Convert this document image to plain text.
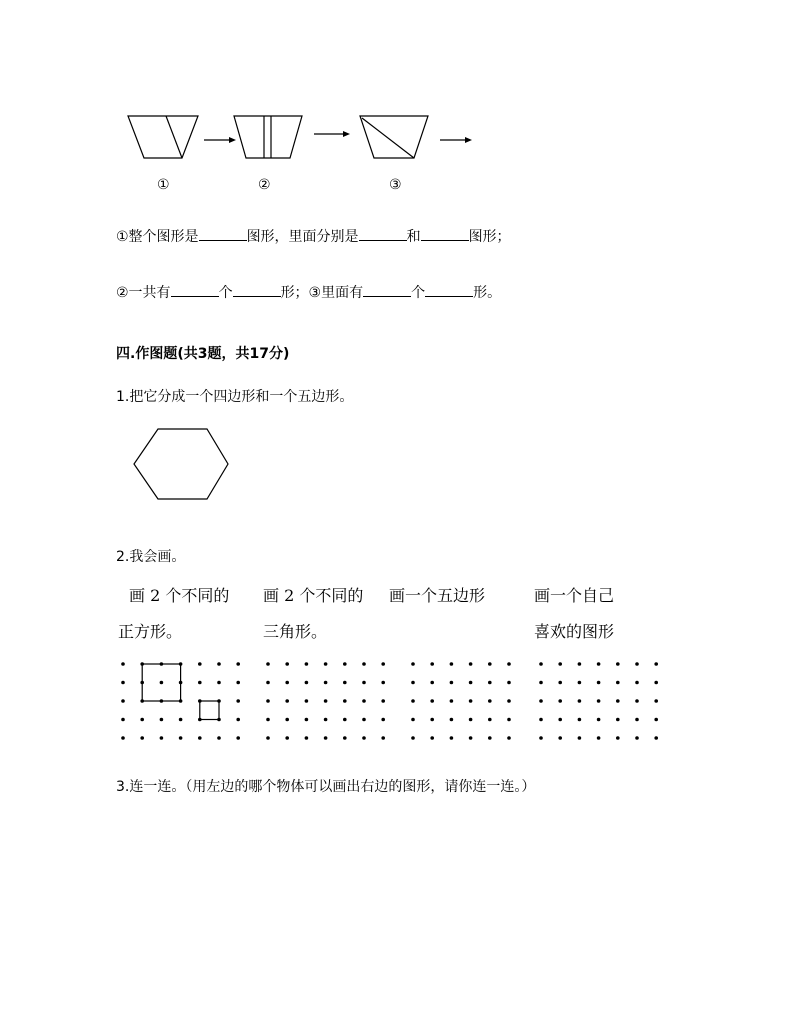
①	②	③
①整个图形是	图形，里面分别是	和	图形；
②一共有	个	形；③里面有	个	形。
四.作图题(共3题，共17分)
1.把它分成一个四边形和一个五边形。
2.我会画。
画 2 个不同的
正方形。
画 2 个不同的
三角形。
画一个五边形	画一个自己
喜欢的图形
3.连一连。（用左边的哪个物体可以画出右边的图形，请你连一连。）
